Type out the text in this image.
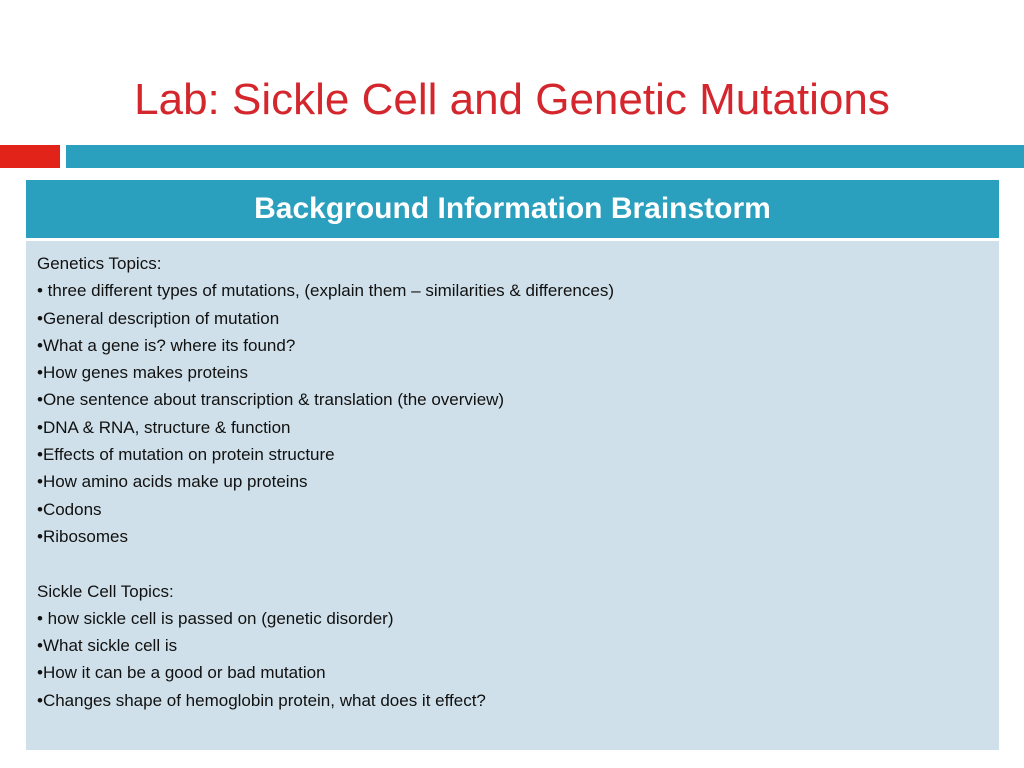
Lab: Sickle Cell and Genetic Mutations
Background Information Brainstorm
Genetics Topics:
• three different types of mutations, (explain them – similarities & differences)
•General description of mutation
•What a gene is? where its found?
•How genes makes proteins
•One sentence about transcription & translation (the overview)
•DNA & RNA, structure & function
•Effects of mutation on protein structure
•How amino acids make up proteins
•Codons
•Ribosomes
Sickle Cell Topics:
• how sickle cell is passed on (genetic disorder)
•What sickle cell is
•How it can be a good or bad mutation
•Changes shape of hemoglobin protein, what does it effect?
